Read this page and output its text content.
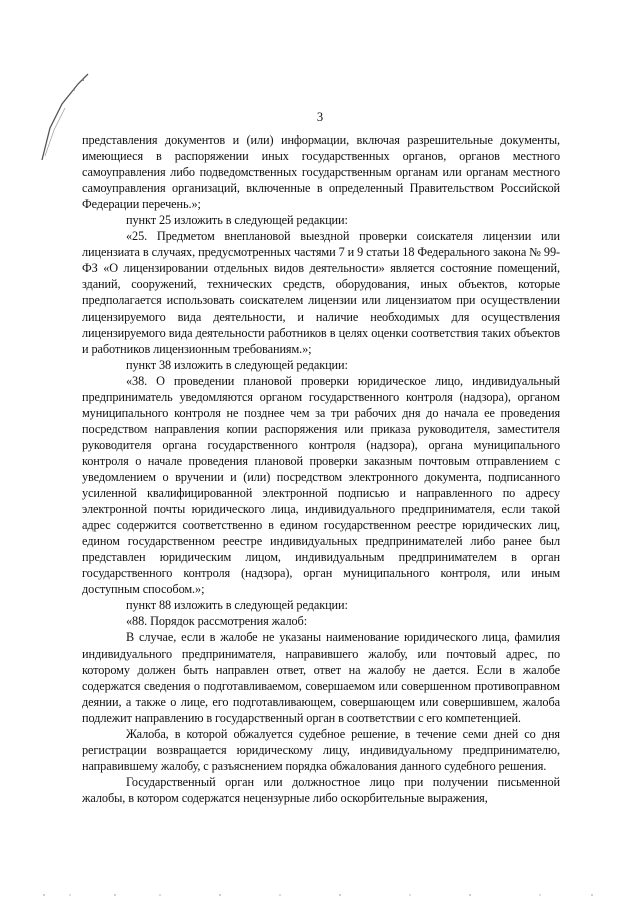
3

представления документов и (или) информации, включая разрешительные документы, имеющиеся в распоряжении иных государственных органов, органов местного самоуправления либо подведомственных государственным органам или органам местного самоуправления организаций, включенные в определенный Правительством Российской Федерации перечень.»;

пункт 25 изложить в следующей редакции:

«25. Предметом внеплановой выездной проверки соискателя лицензии или лицензиата в случаях, предусмотренных частями 7 и 9 статьи 18 Федерального закона № 99-ФЗ «О лицензировании отдельных видов деятельности» является состояние помещений, зданий, сооружений, технических средств, оборудования, иных объектов, которые предполагается использовать соискателем лицензии или лицензиатом при осуществлении лицензируемого вида деятельности, и наличие необходимых для осуществления лицензируемого вида деятельности работников в целях оценки соответствия таких объектов и работников лицензионным требованиям.»;

пункт 38 изложить в следующей редакции:

«38. О проведении плановой проверки юридическое лицо, индивидуальный предприниматель уведомляются органом государственного контроля (надзора), органом муниципального контроля не позднее чем за три рабочих дня до начала ее проведения посредством направления копии распоряжения или приказа руководителя, заместителя руководителя органа государственного контроля (надзора), органа муниципального контроля о начале проведения плановой проверки заказным почтовым отправлением с уведомлением о вручении и (или) посредством электронного документа, подписанного усиленной квалифицированной электронной подписью и направленного по адресу электронной почты юридического лица, индивидуального предпринимателя, если такой адрес содержится соответственно в едином государственном реестре юридических лиц, едином государственном реестре индивидуальных предпринимателей либо ранее был представлен юридическим лицом, индивидуальным предпринимателем в орган государственного контроля (надзора), орган муниципального контроля, или иным доступным способом.»;

пункт 88 изложить в следующей редакции:

«88. Порядок рассмотрения жалоб:

В случае, если в жалобе не указаны наименование юридического лица, фамилия индивидуального предпринимателя, направившего жалобу, или почтовый адрес, по которому должен быть направлен ответ, ответ на жалобу не дается. Если в жалобе содержатся сведения о подготавливаемом, совершаемом или совершенном противоправном деянии, а также о лице, его подготавливающем, совершающем или совершившем, жалоба подлежит направлению в государственный орган в соответствии с его компетенцией.

Жалоба, в которой обжалуется судебное решение, в течение семи дней со дня регистрации возвращается юридическому лицу, индивидуальному предпринимателю, направившему жалобу, с разъяснением порядка обжалования данного судебного решения.

Государственный орган или должностное лицо при получении письменной жалобы, в котором содержатся нецензурные либо оскорбительные выражения,
